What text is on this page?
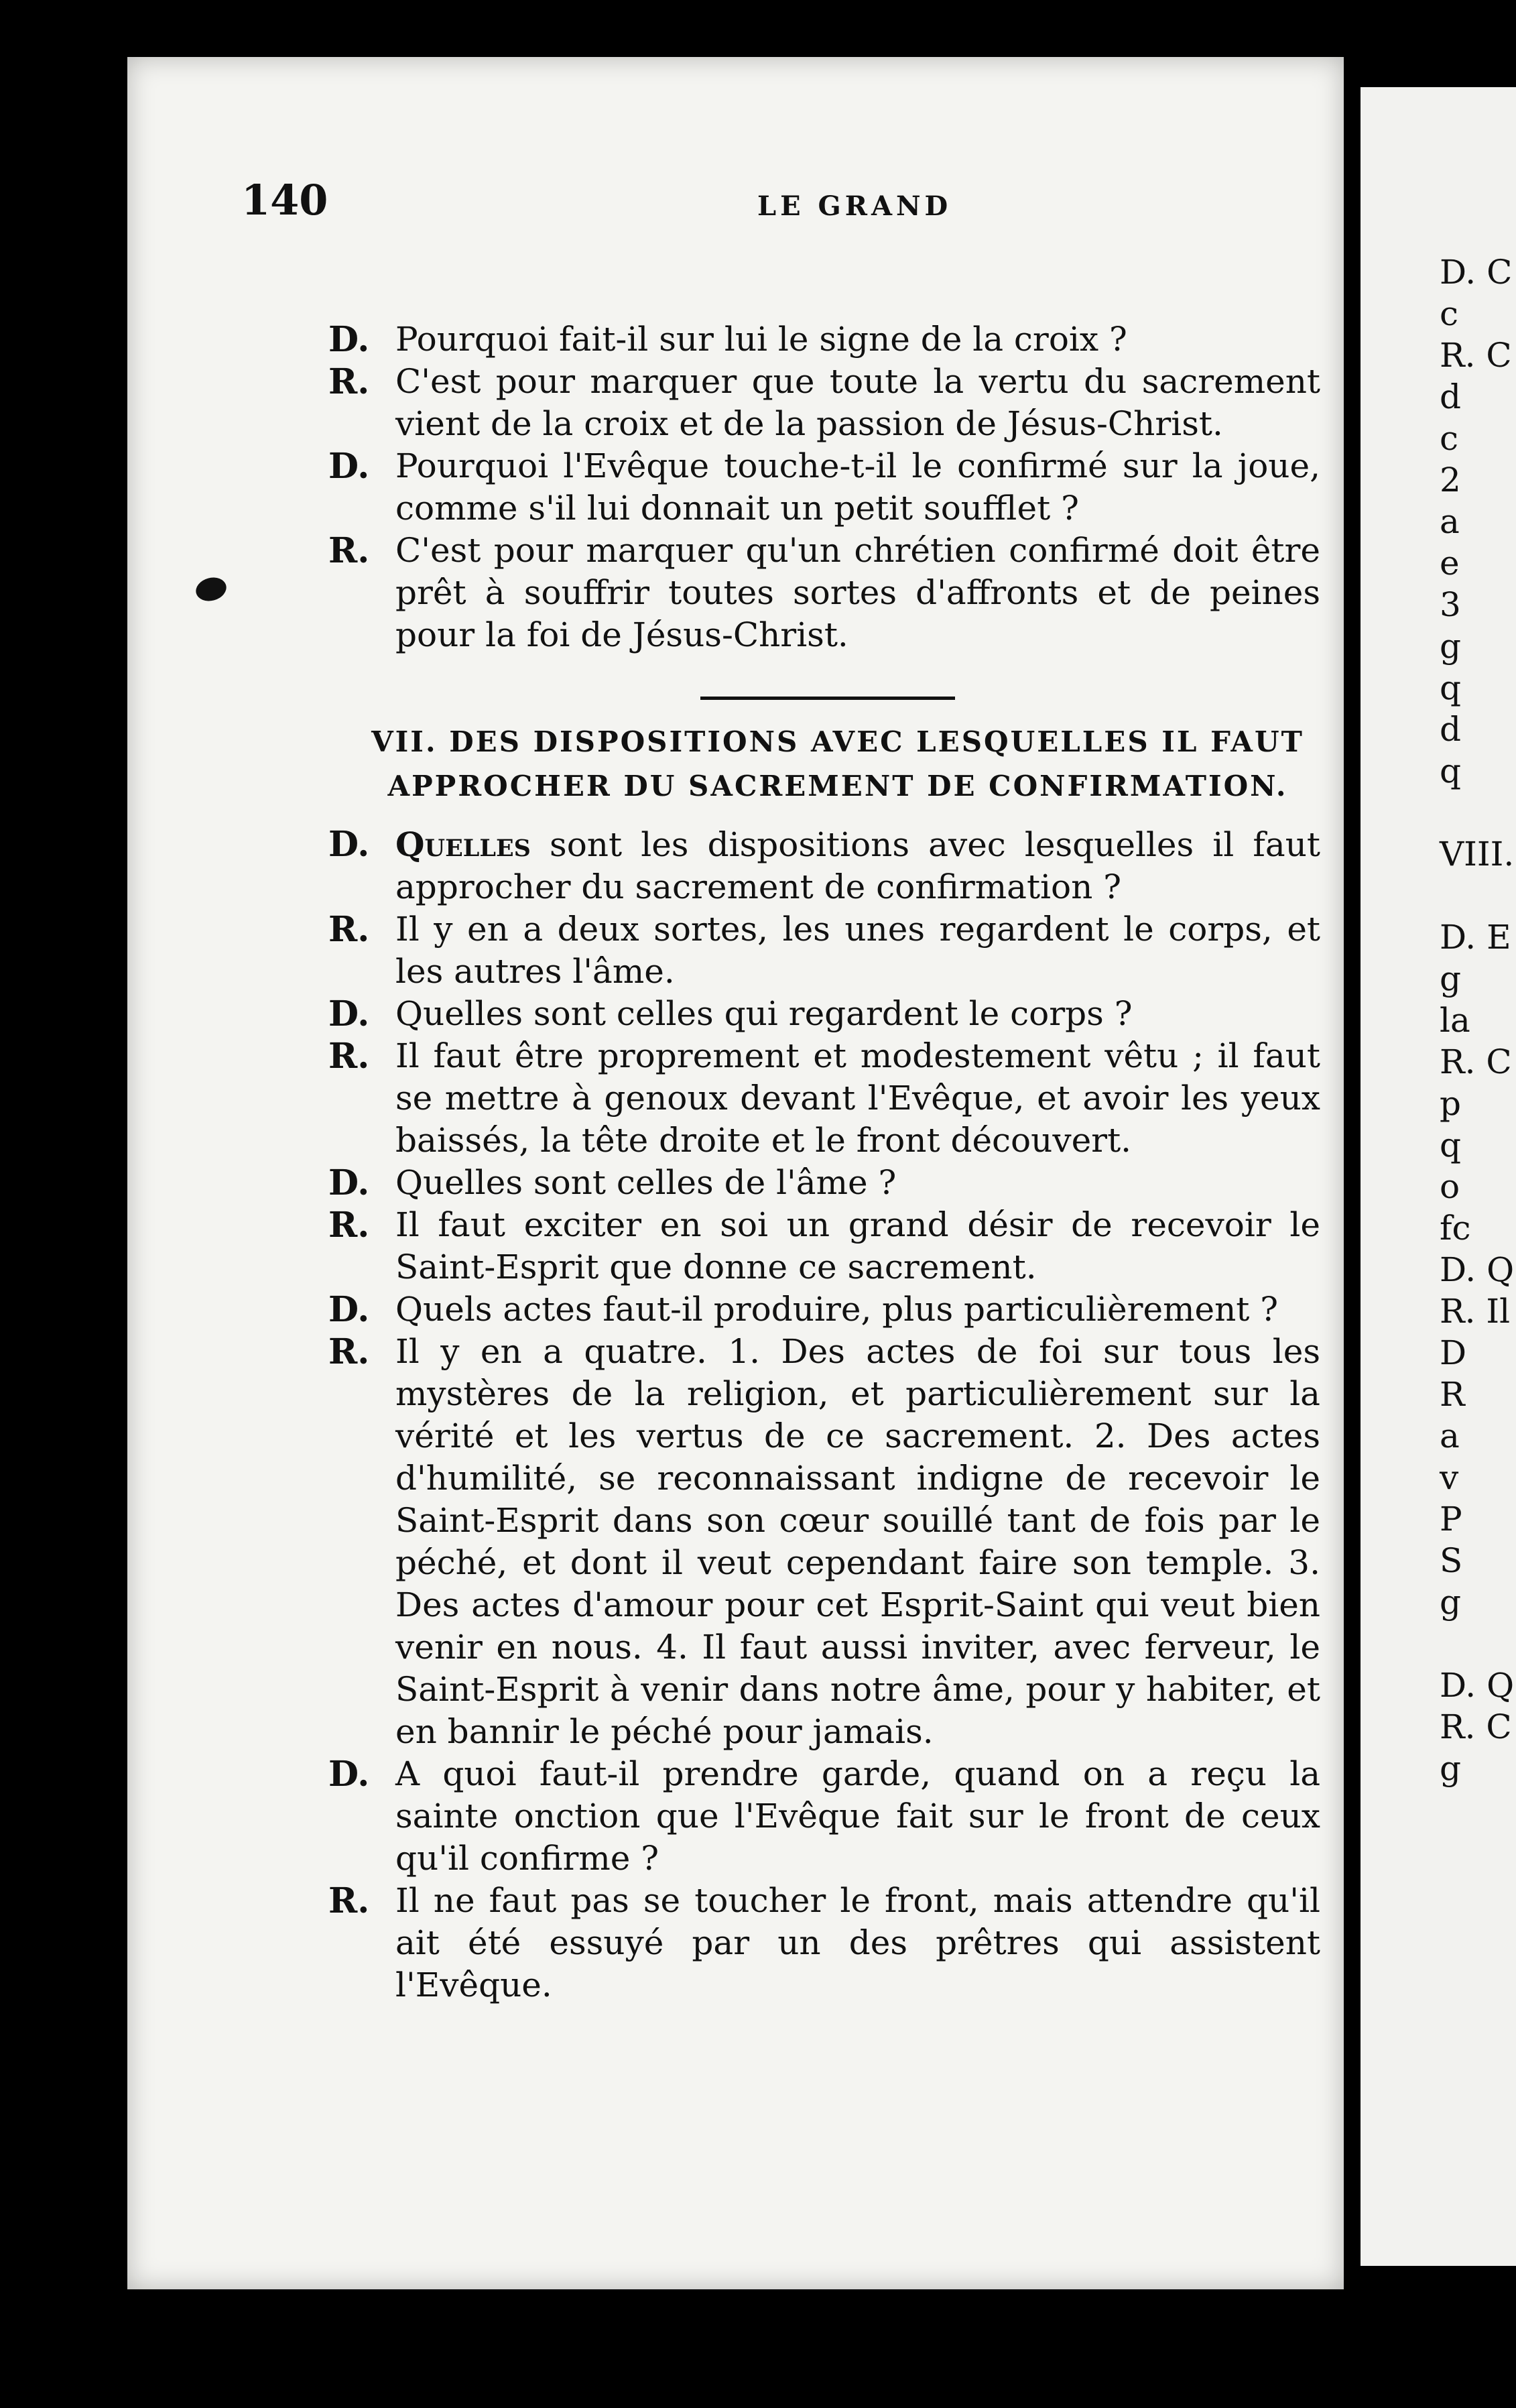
140	LE GRAND
D. Pourquoi fait-il sur lui le signe de la croix ?
R. C'est pour marquer que toute la vertu du sacrement vient de la croix et de la passion de Jésus-Christ.
D. Pourquoi l'Evêque touche-t-il le confirmé sur la joue, comme s'il lui donnait un petit soufflet ?
R. C'est pour marquer qu'un chrétien confirmé doit être prêt à souffrir toutes sortes d'affronts et de peines pour la foi de Jésus-Christ.
VII. DES DISPOSITIONS AVEC LESQUELLES IL FAUT
APPROCHER DU SACREMENT DE CONFIRMATION.
D. Quelles sont les dispositions avec lesquelles il faut approcher du sacrement de confirmation ?
R. Il y en a deux sortes, les unes regardent le corps, et les autres l'âme.
D. Quelles sont celles qui regardent le corps ?
R. Il faut être proprement et modestement vêtu ; il faut se mettre à genoux devant l'Evêque, et avoir les yeux baissés, la tête droite et le front découvert.
D. Quelles sont celles de l'âme ?
R. Il faut exciter en soi un grand désir de recevoir le Saint-Esprit que donne ce sacrement.
D. Quels actes faut-il produire, plus particulièrement ?
R. Il y en a quatre. 1. Des actes de foi sur tous les mystères de la religion, et particulièrement sur la vérité et les vertus de ce sacrement. 2. Des actes d'humilité, se reconnaissant indigne de recevoir le Saint-Esprit dans son cœur souillé tant de fois par le péché, et dont il veut cependant faire son temple. 3. Des actes d'amour pour cet Esprit-Saint qui veut bien venir en nous. 4. Il faut aussi inviter, avec ferveur, le Saint-Esprit à venir dans notre âme, pour y habiter, et en bannir le péché pour jamais.
D. A quoi faut-il prendre garde, quand on a reçu la sainte onction que l'Evêque fait sur le front de ceux qu'il confirme ?
R. Il ne faut pas se toucher le front, mais attendre qu'il ait été essuyé par un des prêtres qui assistent l'Evêque.
D. C
c
R. C
d
c
2
a
e
3
g
q
d
q
VIII.
D. E
g
la
R. C
p
q
o
fc
D. Q
R. Il
D
R
a
v
P
S
g
D. Q
R. C
g
